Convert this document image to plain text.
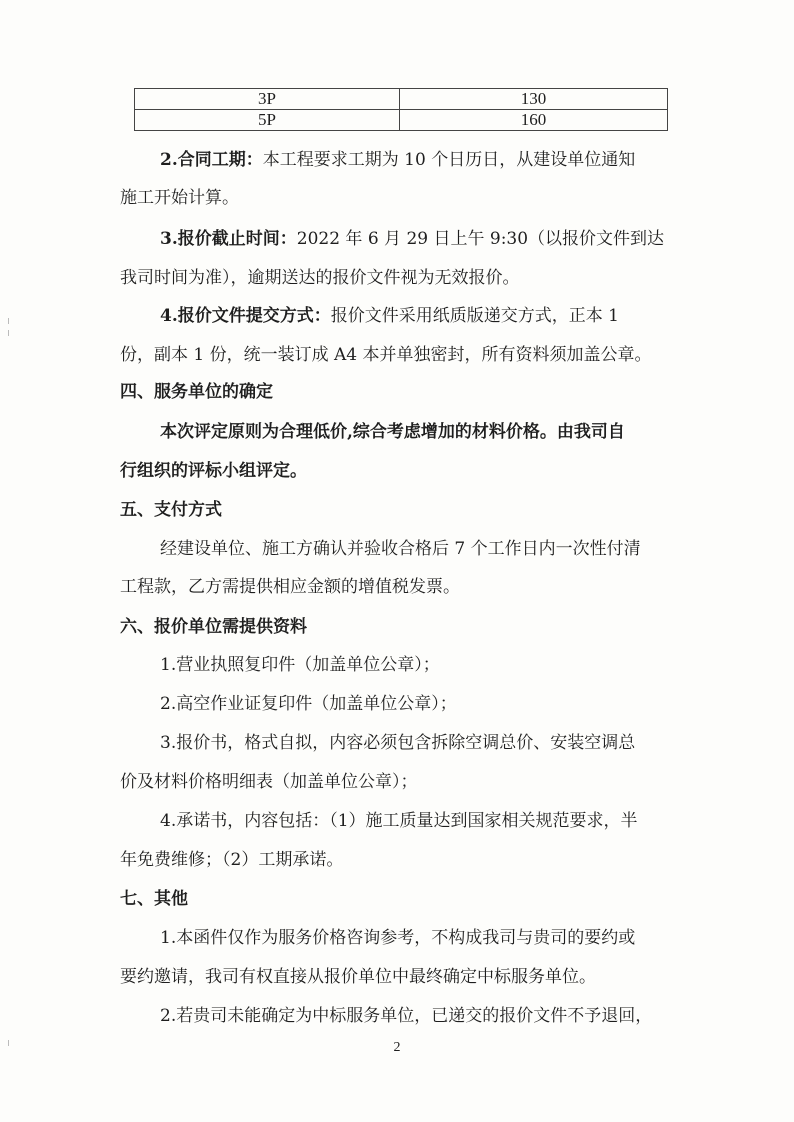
3P	130
5P	160
2.合同工期：本工程要求工期为 10 个日历日，从建设单位通知
施工开始计算。
3.报价截止时间：2022 年 6 月 29 日上午 9:30（以报价文件到达
我司时间为准），逾期送达的报价文件视为无效报价。
4.报价文件提交方式：报价文件采用纸质版递交方式，正本 1
份，副本 1 份，统一装订成 A4 本并单独密封，所有资料须加盖公章。
四、服务单位的确定
本次评定原则为合理低价,综合考虑增加的材料价格。由我司自
行组织的评标小组评定。
五、支付方式
经建设单位、施工方确认并验收合格后 7 个工作日内一次性付清
工程款，乙方需提供相应金额的增值税发票。
六、报价单位需提供资料
1.营业执照复印件（加盖单位公章）；
2.高空作业证复印件（加盖单位公章）；
3.报价书，格式自拟，内容必须包含拆除空调总价、安装空调总
价及材料价格明细表（加盖单位公章）；
4.承诺书，内容包括：（1）施工质量达到国家相关规范要求，半
年免费维修；（2）工期承诺。
七、其他
1.本函件仅作为服务价格咨询参考，不构成我司与贵司的要约或
要约邀请，我司有权直接从报价单位中最终确定中标服务单位。
2.若贵司未能确定为中标服务单位，已递交的报价文件不予退回，
2
